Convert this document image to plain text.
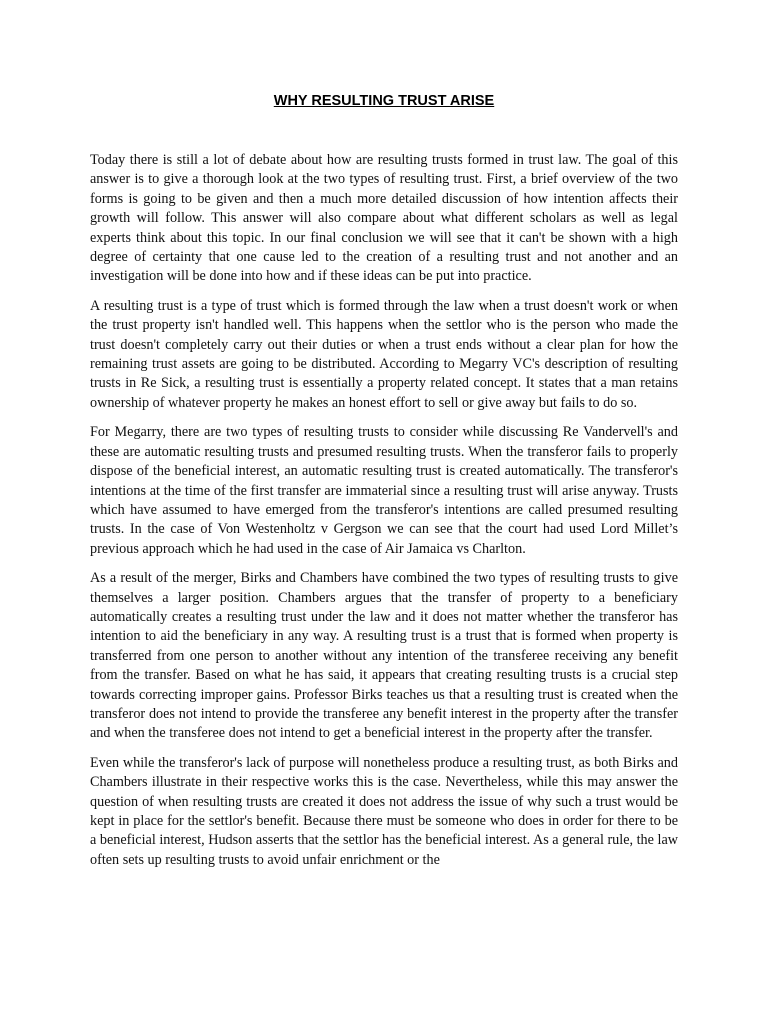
WHY RESULTING TRUST ARISE

Today there is still a lot of debate about how are resulting trusts formed in trust law. The goal of this answer is to give a thorough look at the two types of resulting trust. First, a brief overview of the two forms is going to be given and then a much more detailed discussion of how intention affects their growth will follow. This answer will also compare about what different scholars as well as legal experts think about this topic. In our final conclusion we will see that it can't be shown with a high degree of certainty that one cause led to the creation of a resulting trust and not another and an investigation will be done into how and if these ideas can be put into practice.

A resulting trust is a type of trust which is formed through the law when a trust doesn't work or when the trust property isn't handled well. This happens when the settlor who is the person who made the trust doesn't completely carry out their duties or when a trust ends without a clear plan for how the remaining trust assets are going to be distributed. According to Megarry VC's description of resulting trusts in Re Sick, a resulting trust is essentially a property related concept. It states that a man retains ownership of whatever property he makes an honest effort to sell or give away but fails to do so.

For Megarry, there are two types of resulting trusts to consider while discussing Re Vandervell's and these are automatic resulting trusts and presumed resulting trusts. When the transferor fails to properly dispose of the beneficial interest, an automatic resulting trust is created automatically. The transferor's intentions at the time of the first transfer are immaterial since a resulting trust will arise anyway. Trusts which have assumed to have emerged from the transferor's intentions are called presumed resulting trusts. In the case of Von Westenholtz v Gergson we can see that the court had used Lord Millet’s previous approach which he had used in the case of Air Jamaica vs Charlton.

As a result of the merger, Birks and Chambers have combined the two types of resulting trusts to give themselves a larger position. Chambers argues that the transfer of property to a beneficiary automatically creates a resulting trust under the law and it does not matter whether the transferor has intention to aid the beneficiary in any way. A resulting trust is a trust that is formed when property is transferred from one person to another without any intention of the transferee receiving any benefit from the transfer. Based on what he has said, it appears that creating resulting trusts is a crucial step towards correcting improper gains. Professor Birks teaches us that a resulting trust is created when the transferor does not intend to provide the transferee any benefit interest in the property after the transfer and when the transferee does not intend to get a beneficial interest in the property after the transfer.

Even while the transferor's lack of purpose will nonetheless produce a resulting trust, as both Birks and Chambers illustrate in their respective works this is the case. Nevertheless, while this may answer the question of when resulting trusts are created it does not address the issue of why such a trust would be kept in place for the settlor's benefit. Because there must be someone who does in order for there to be a beneficial interest, Hudson asserts that the settlor has the beneficial interest. As a general rule, the law often sets up resulting trusts to avoid unfair enrichment or the
